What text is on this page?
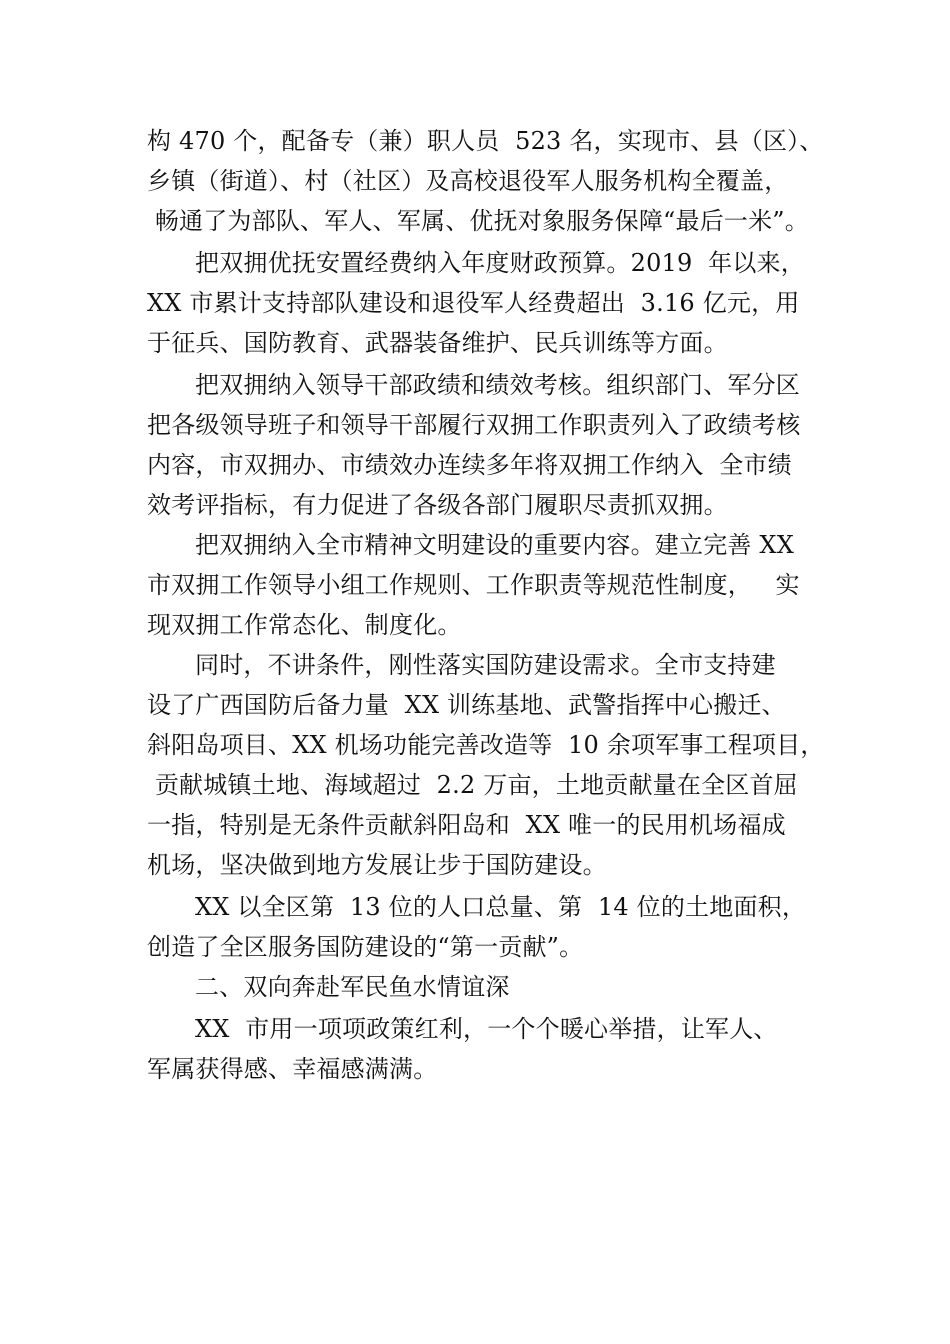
构 470 个，配备专（兼）职人员  523 名，实现市、县（区）、
乡镇（街道）、村（社区）及高校退役军人服务机构全覆盖，
畅通了为部队、军人、军属、优抚对象服务保障“最后一米”。
把双拥优抚安置经费纳入年度财政预算。2019  年以来，
XX 市累计支持部队建设和退役军人经费超出  3.16 亿元，用
于征兵、国防教育、武器装备维护、民兵训练等方面。
把双拥纳入领导干部政绩和绩效考核。组织部门、军分区
把各级领导班子和领导干部履行双拥工作职责列入了政绩考核
内容，市双拥办、市绩效办连续多年将双拥工作纳入  全市绩
效考评指标，有力促进了各级各部门履职尽责抓双拥。
把双拥纳入全市精神文明建设的重要内容。建立完善 XX
市双拥工作领导小组工作规则、工作职责等规范性制度，   实
现双拥工作常态化、制度化。
同时，不讲条件，刚性落实国防建设需求。全市支持建
设了广西国防后备力量  XX 训练基地、武警指挥中心搬迁、
斜阳岛项目、XX 机场功能完善改造等  10 余项军事工程项目，
贡献城镇土地、海域超过  2.2 万亩，土地贡献量在全区首屈
一指，特别是无条件贡献斜阳岛和  XX 唯一的民用机场福成
机场，坚决做到地方发展让步于国防建设。
XX 以全区第  13 位的人口总量、第  14 位的土地面积，
创造了全区服务国防建设的“第一贡献”。
二、双向奔赴军民鱼水情谊深
XX  市用一项项政策红利，一个个暖心举措，让军人、
军属获得感、幸福感满满。
